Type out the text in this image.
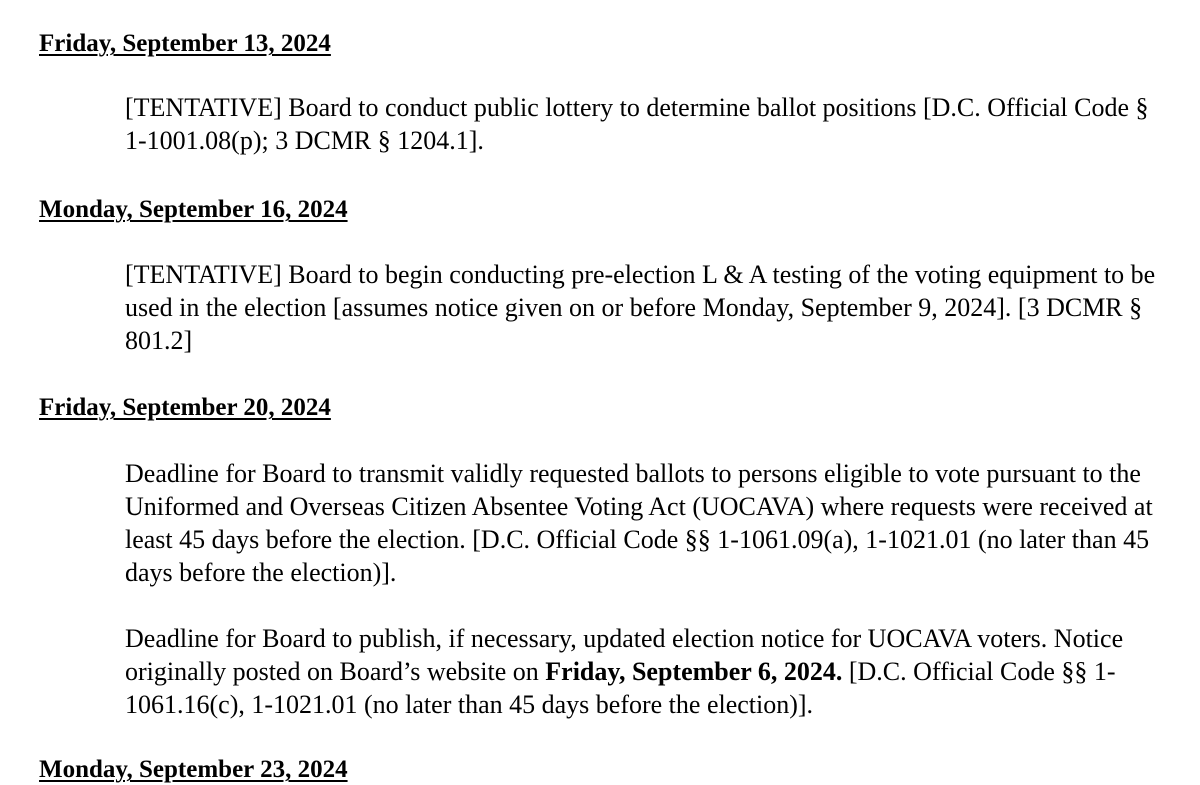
Friday, September 13, 2024

[TENTATIVE] Board to conduct public lottery to determine ballot positions [D.C. Official Code § 1-1001.08(p); 3 DCMR § 1204.1].

Monday, September 16, 2024

[TENTATIVE] Board to begin conducting pre-election L & A testing of the voting equipment to be used in the election [assumes notice given on or before Monday, September 9, 2024]. [3 DCMR § 801.2]

Friday, September 20, 2024

Deadline for Board to transmit validly requested ballots to persons eligible to vote pursuant to the Uniformed and Overseas Citizen Absentee Voting Act (UOCAVA) where requests were received at least 45 days before the election. [D.C. Official Code §§ 1-1061.09(a), 1-1021.01 (no later than 45 days before the election)].

Deadline for Board to publish, if necessary, updated election notice for UOCAVA voters. Notice originally posted on Board’s website on Friday, September 6, 2024. [D.C. Official Code §§ 1-1061.16(c), 1-1021.01 (no later than 45 days before the election)].

Monday, September 23, 2024
